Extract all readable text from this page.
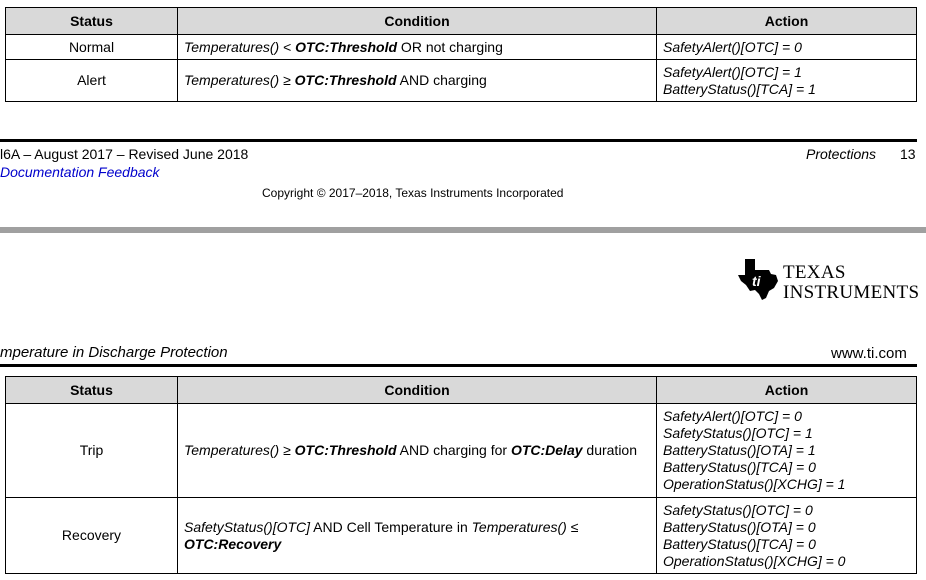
Status	Condition	Action
Normal	Temperatures() < OTC:Threshold OR not charging	SafetyAlert()[OTC] = 0

Alert	Temperatures() ≥ OTC:Threshold AND charging	SafetyAlert()[OTC] = 1
BatteryStatus()[TCA] = 1
l6A – August 2017 – Revised June 2018
Documentation Feedback
Protections 13
Copyright © 2017–2018, Texas Instruments Incorporated
ti TEXAS
INSTRUMENTS
mperature in Discharge Protection	www.ti.com
Status	Condition	Action
Trip	Temperatures() ≥ OTC:Threshold AND charging for OTC:Delay duration	SafetyAlert()[OTC] = 0
SafetyStatus()[OTC] = 1
BatteryStatus()[OTA] = 1
BatteryStatus()[TCA] = 0
OperationStatus()[XCHG] = 1

Recovery	SafetyStatus()[OTC] AND Cell Temperature in Temperatures() ≤ OTC:Recovery	SafetyStatus()[OTC] = 0
BatteryStatus()[OTA] = 0
BatteryStatus()[TCA] = 0
OperationStatus()[XCHG] = 0
